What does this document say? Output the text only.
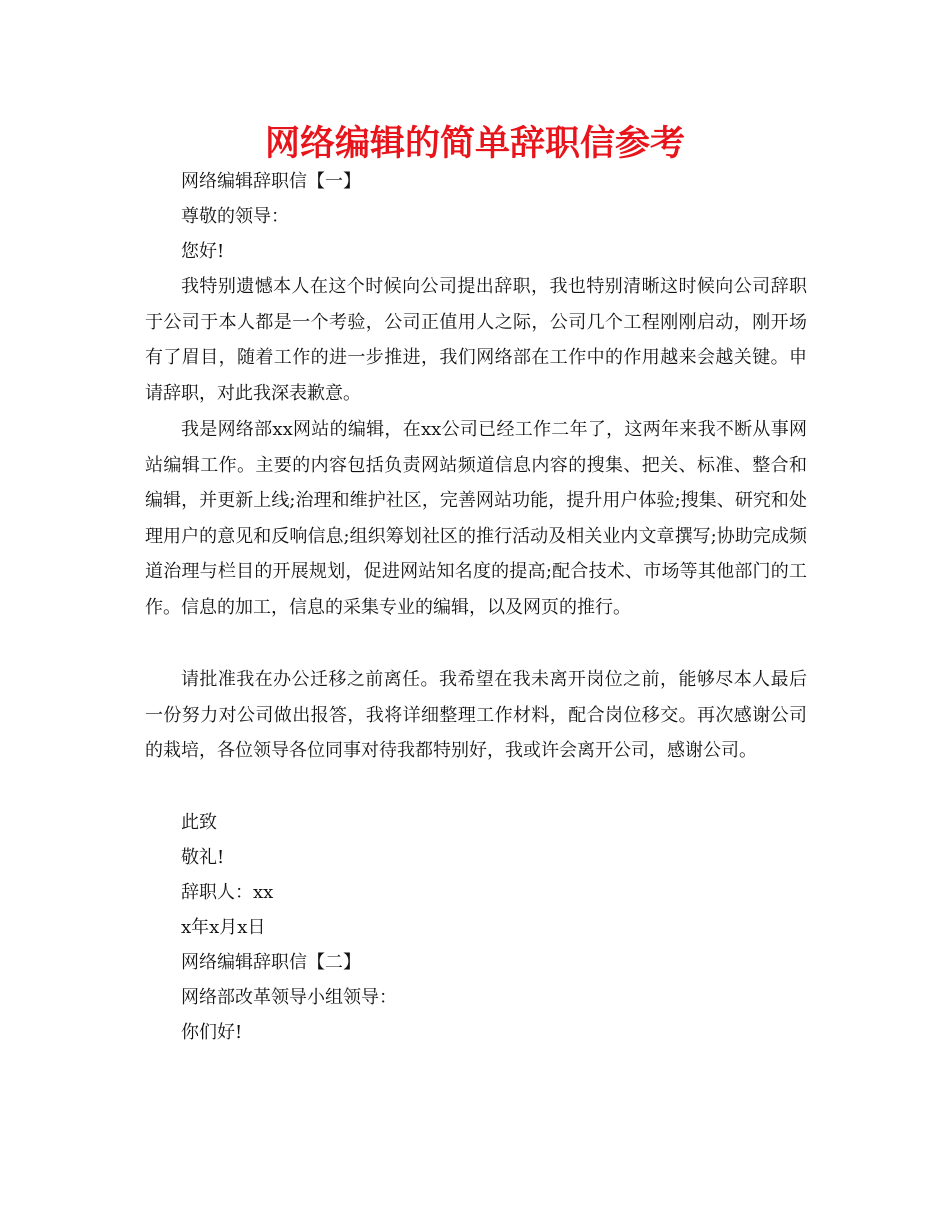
网络编辑的简单辞职信参考
网络编辑辞职信【一】
尊敬的领导：
您好!
我特别遗憾本人在这个时候向公司提出辞职，我也特别清晰这时候向公司辞职于公司于本人都是一个考验，公司正值用人之际，公司几个工程刚刚启动，刚开场有了眉目，随着工作的进一步推进，我们网络部在工作中的作用越来会越关键。申请辞职，对此我深表歉意。
我是网络部xx网站的编辑，在xx公司已经工作二年了，这两年来我不断从事网站编辑工作。主要的内容包括负责网站频道信息内容的搜集、把关、标准、整合和编辑，并更新上线;治理和维护社区，完善网站功能，提升用户体验;搜集、研究和处理用户的意见和反响信息;组织筹划社区的推行活动及相关业内文章撰写;协助完成频道治理与栏目的开展规划，促进网站知名度的提高;配合技术、市场等其他部门的工作。信息的加工，信息的采集专业的编辑，以及网页的推行。
请批准我在办公迁移之前离任。我希望在我未离开岗位之前，能够尽本人最后一份努力对公司做出报答，我将详细整理工作材料，配合岗位移交。再次感谢公司的栽培，各位领导各位同事对待我都特别好，我或许会离开公司，感谢公司。
此致
敬礼!
辞职人：xx
x年x月x日
网络编辑辞职信【二】
网络部改革领导小组领导：
你们好!
